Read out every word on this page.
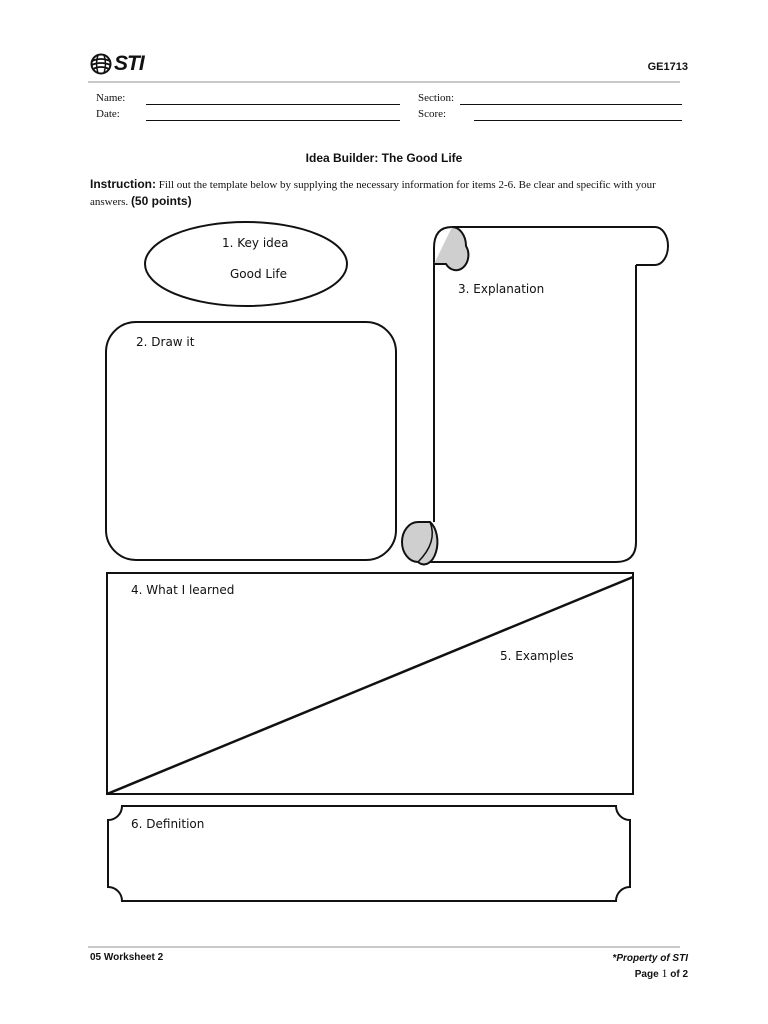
STI	GE1713
Name:
Date:
Section:
Score:
Idea Builder: The Good Life
Instruction: Fill out the template below by supplying the necessary information for items 2-6. Be clear and specific with your answers. (50 points)
1. Key idea
Good Life
2. Draw it
3. Explanation
4. What I learned
5. Examples
6. Definition
05 Worksheet 2	*Property of STI
Page 1 of 2
